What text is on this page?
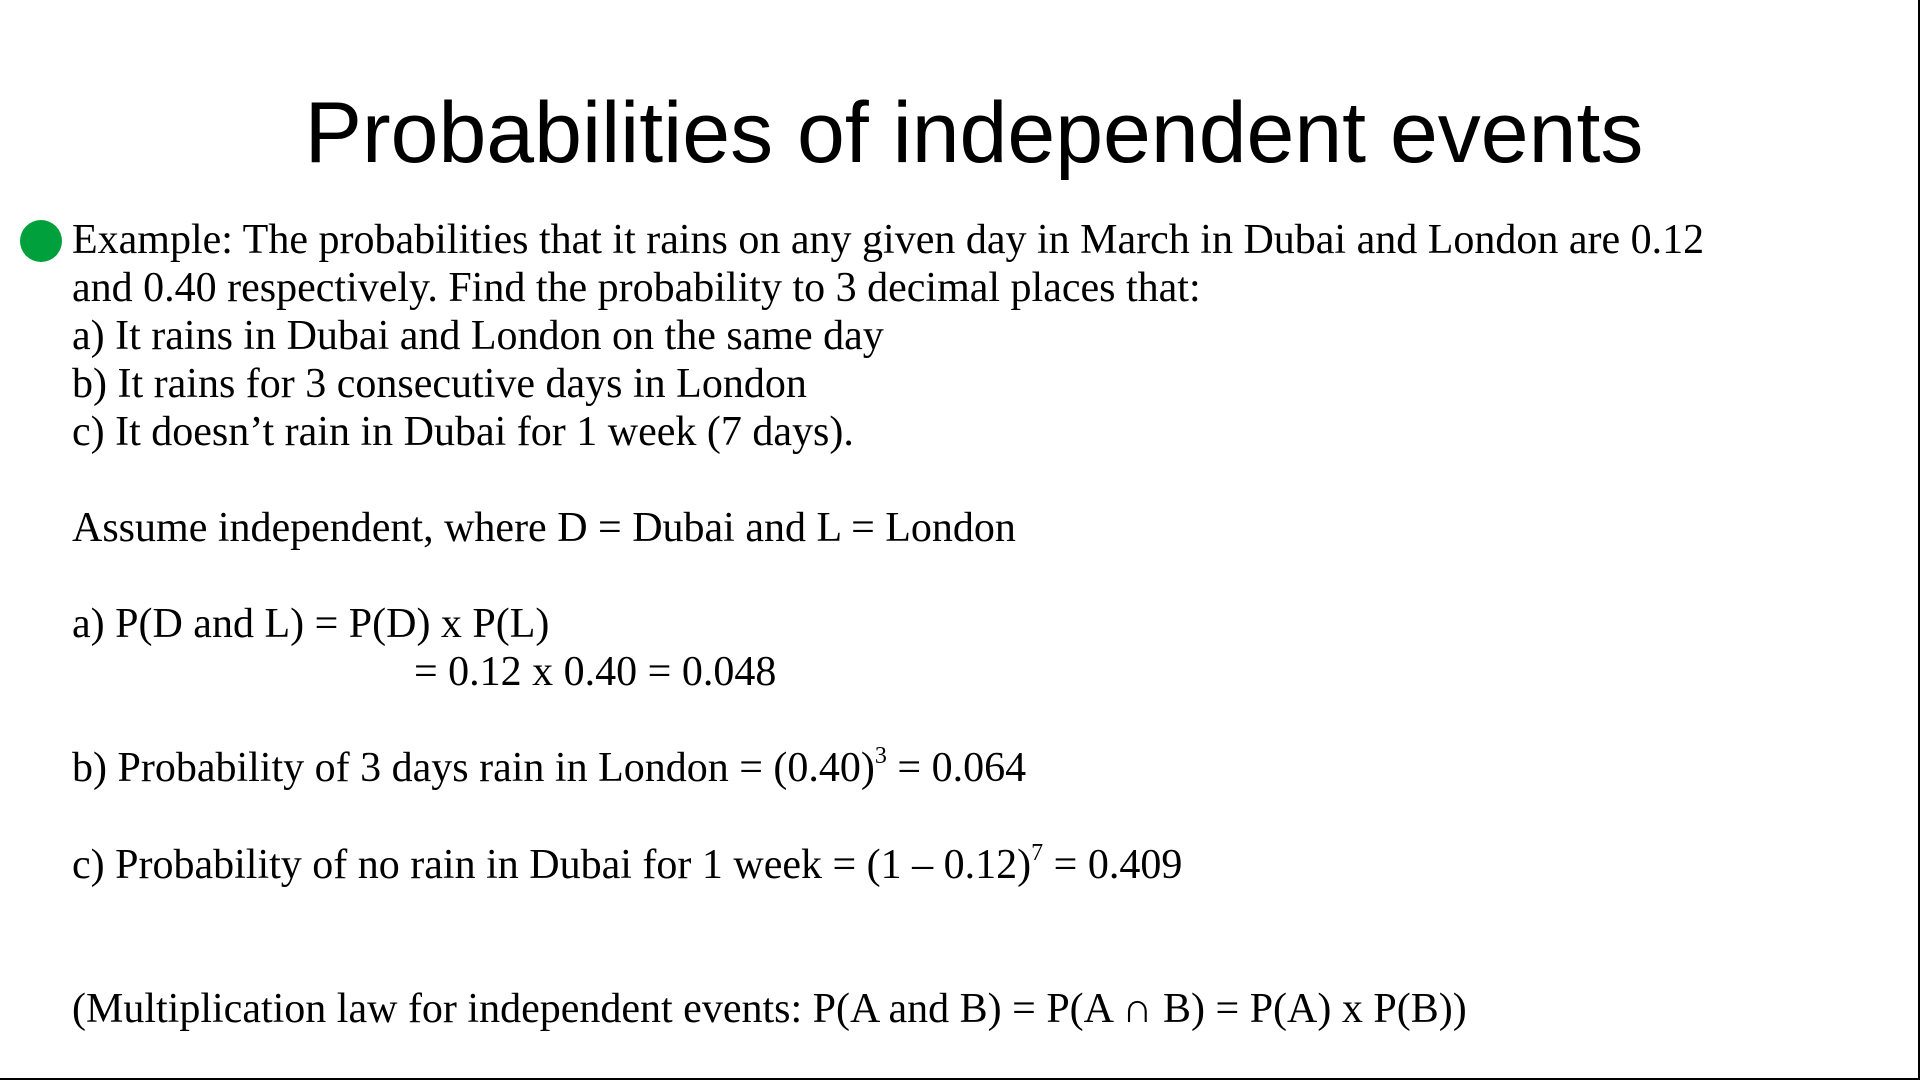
Probabilities of independent events
Example: The probabilities that it rains on any given day in March in Dubai and London are 0.12
and 0.40 respectively. Find the probability to 3 decimal places that:
a) It rains in Dubai and London on the same day
b) It rains for 3 consecutive days in London
c) It doesn’t rain in Dubai for 1 week (7 days).
Assume independent, where D = Dubai and L = London
a) P(D and L) = P(D) x P(L)
= 0.12 x 0.40 = 0.048
b) Probability of 3 days rain in London = $(0.40)^3 = 0.064$
c) Probability of no rain in Dubai for 1 week = (1 – 0.12)$^7$ = 0.409
(Multiplication law for independent events: P(A and B) = P(A ∩ B) = P(A) x P(B))
